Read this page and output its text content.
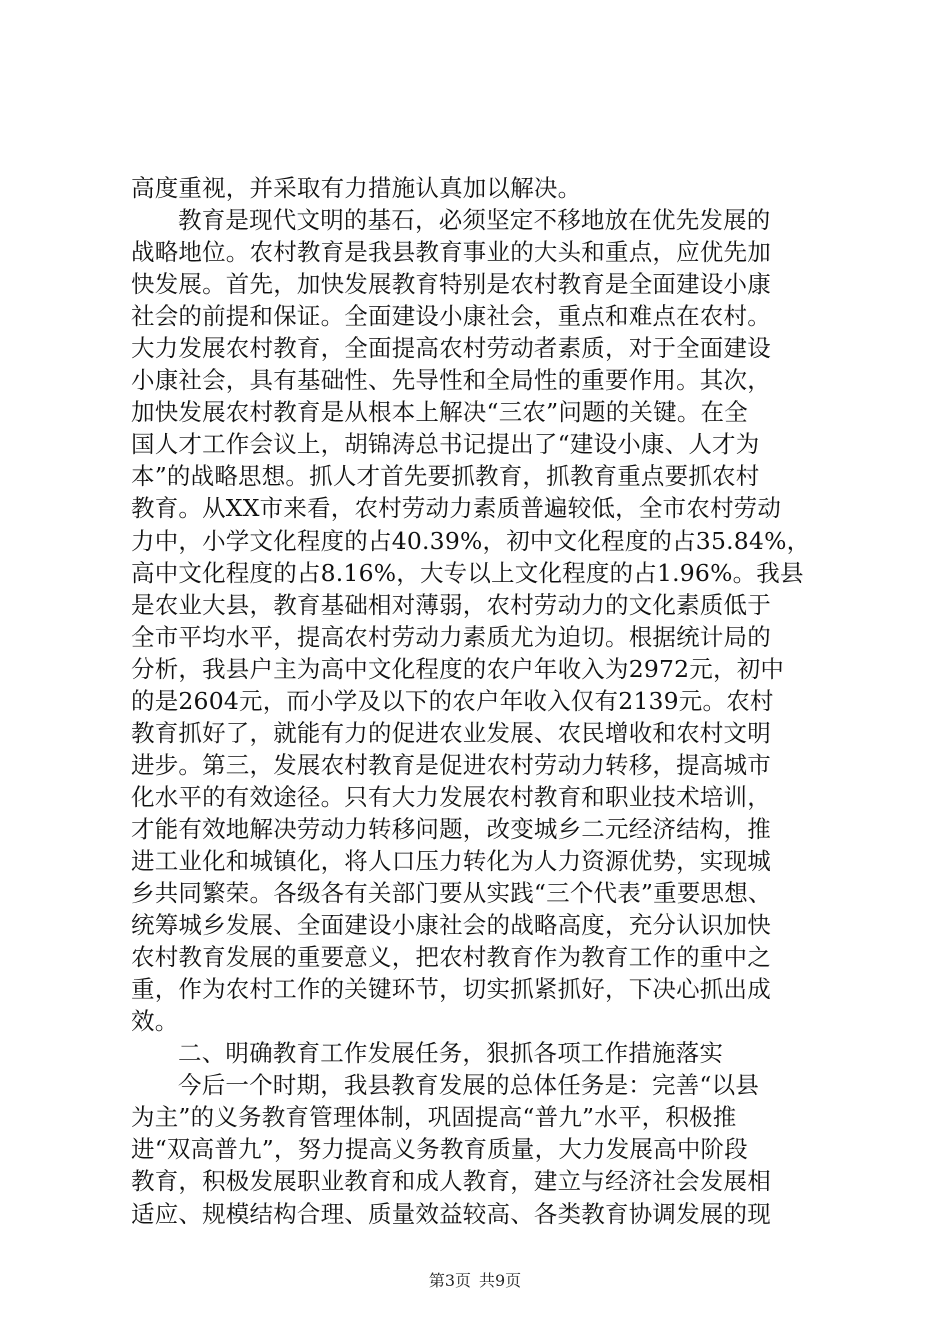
高度重视，并采取有力措施认真加以解决。
教育是现代文明的基石，必须坚定不移地放在优先发展的
战略地位。农村教育是我县教育事业的大头和重点，应优先加
快发展。首先，加快发展教育特别是农村教育是全面建设小康
社会的前提和保证。全面建设小康社会，重点和难点在农村。
大力发展农村教育，全面提高农村劳动者素质，对于全面建设
小康社会，具有基础性、先导性和全局性的重要作用。其次，
加快发展农村教育是从根本上解决“三农”问题的关键。在全
国人才工作会议上，胡锦涛总书记提出了“建设小康、人才为
本”的战略思想。抓人才首先要抓教育，抓教育重点要抓农村
教育。从XX市来看，农村劳动力素质普遍较低，全市农村劳动
力中，小学文化程度的占40.39%，初中文化程度的占35.84%，
高中文化程度的占8.16%，大专以上文化程度的占1.96%。我县
是农业大县，教育基础相对薄弱，农村劳动力的文化素质低于
全市平均水平，提高农村劳动力素质尤为迫切。根据统计局的
分析，我县户主为高中文化程度的农户年收入为2972元，初中
的是2604元，而小学及以下的农户年收入仅有2139元。农村
教育抓好了，就能有力的促进农业发展、农民增收和农村文明
进步。第三，发展农村教育是促进农村劳动力转移，提高城市
化水平的有效途径。只有大力发展农村教育和职业技术培训，
才能有效地解决劳动力转移问题，改变城乡二元经济结构，推
进工业化和城镇化，将人口压力转化为人力资源优势，实现城
乡共同繁荣。各级各有关部门要从实践“三个代表”重要思想、
统筹城乡发展、全面建设小康社会的战略高度，充分认识加快
农村教育发展的重要意义，把农村教育作为教育工作的重中之
重，作为农村工作的关键环节，切实抓紧抓好，下决心抓出成
效。
二、明确教育工作发展任务，狠抓各项工作措施落实
今后一个时期，我县教育发展的总体任务是：完善“以县
为主”的义务教育管理体制，巩固提高“普九”水平，积极推
进“双高普九”，努力提高义务教育质量，大力发展高中阶段
教育，积极发展职业教育和成人教育，建立与经济社会发展相
适应、规模结构合理、质量效益较高、各类教育协调发展的现
第3页 共9页
